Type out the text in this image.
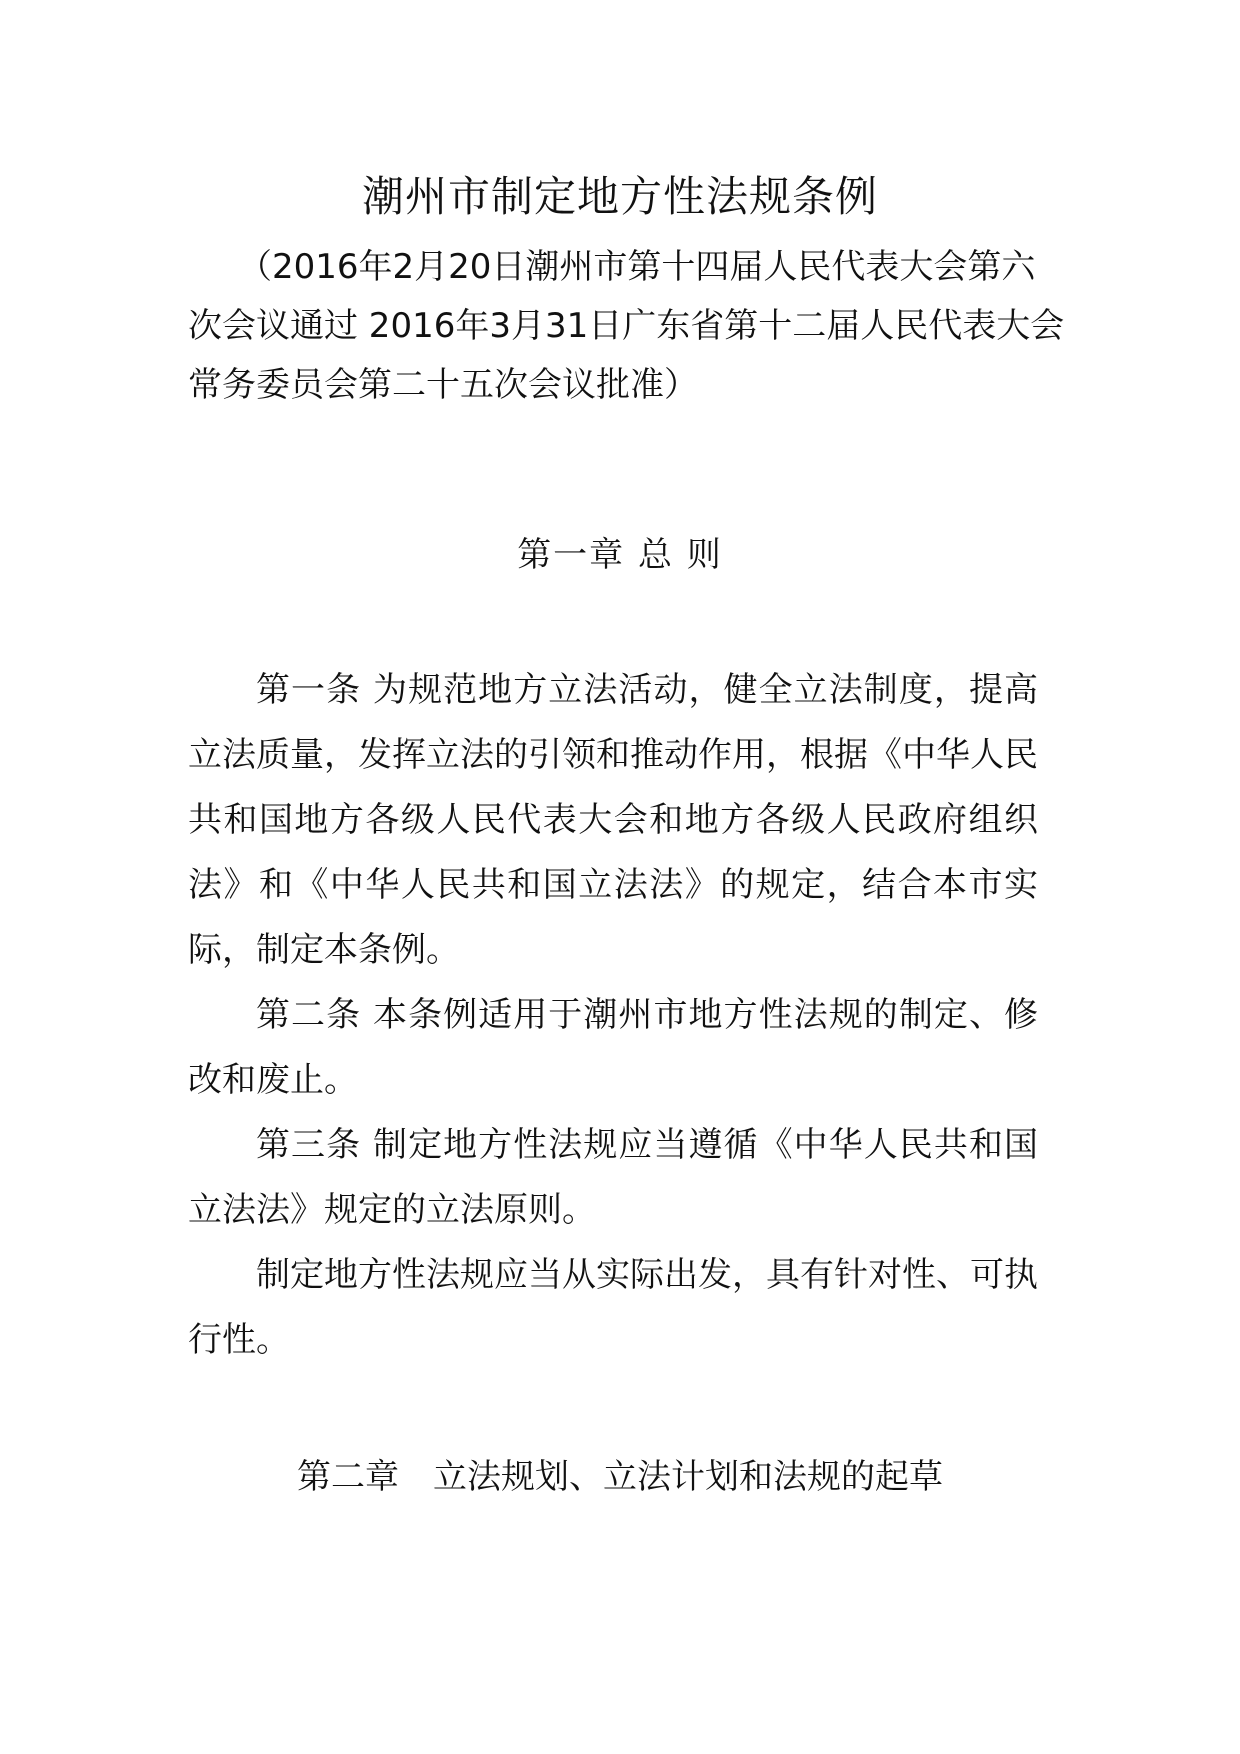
潮州市制定地方性法规条例

（2016年2月20日潮州市第十四届人民代表大会第六次会议通过 2016年3月31日广东省第十二届人民代表大会常务委员会第二十五次会议批准）

第一章 总 则

第一条 为规范地方立法活动，健全立法制度，提高立法质量，发挥立法的引领和推动作用，根据《中华人民共和国地方各级人民代表大会和地方各级人民政府组织法》和《中华人民共和国立法法》的规定，结合本市实际，制定本条例。

第二条 本条例适用于潮州市地方性法规的制定、修改和废止。

第三条 制定地方性法规应当遵循《中华人民共和国立法法》规定的立法原则。

制定地方性法规应当从实际出发，具有针对性、可执行性。

第二章　立法规划、立法计划和法规的起草
